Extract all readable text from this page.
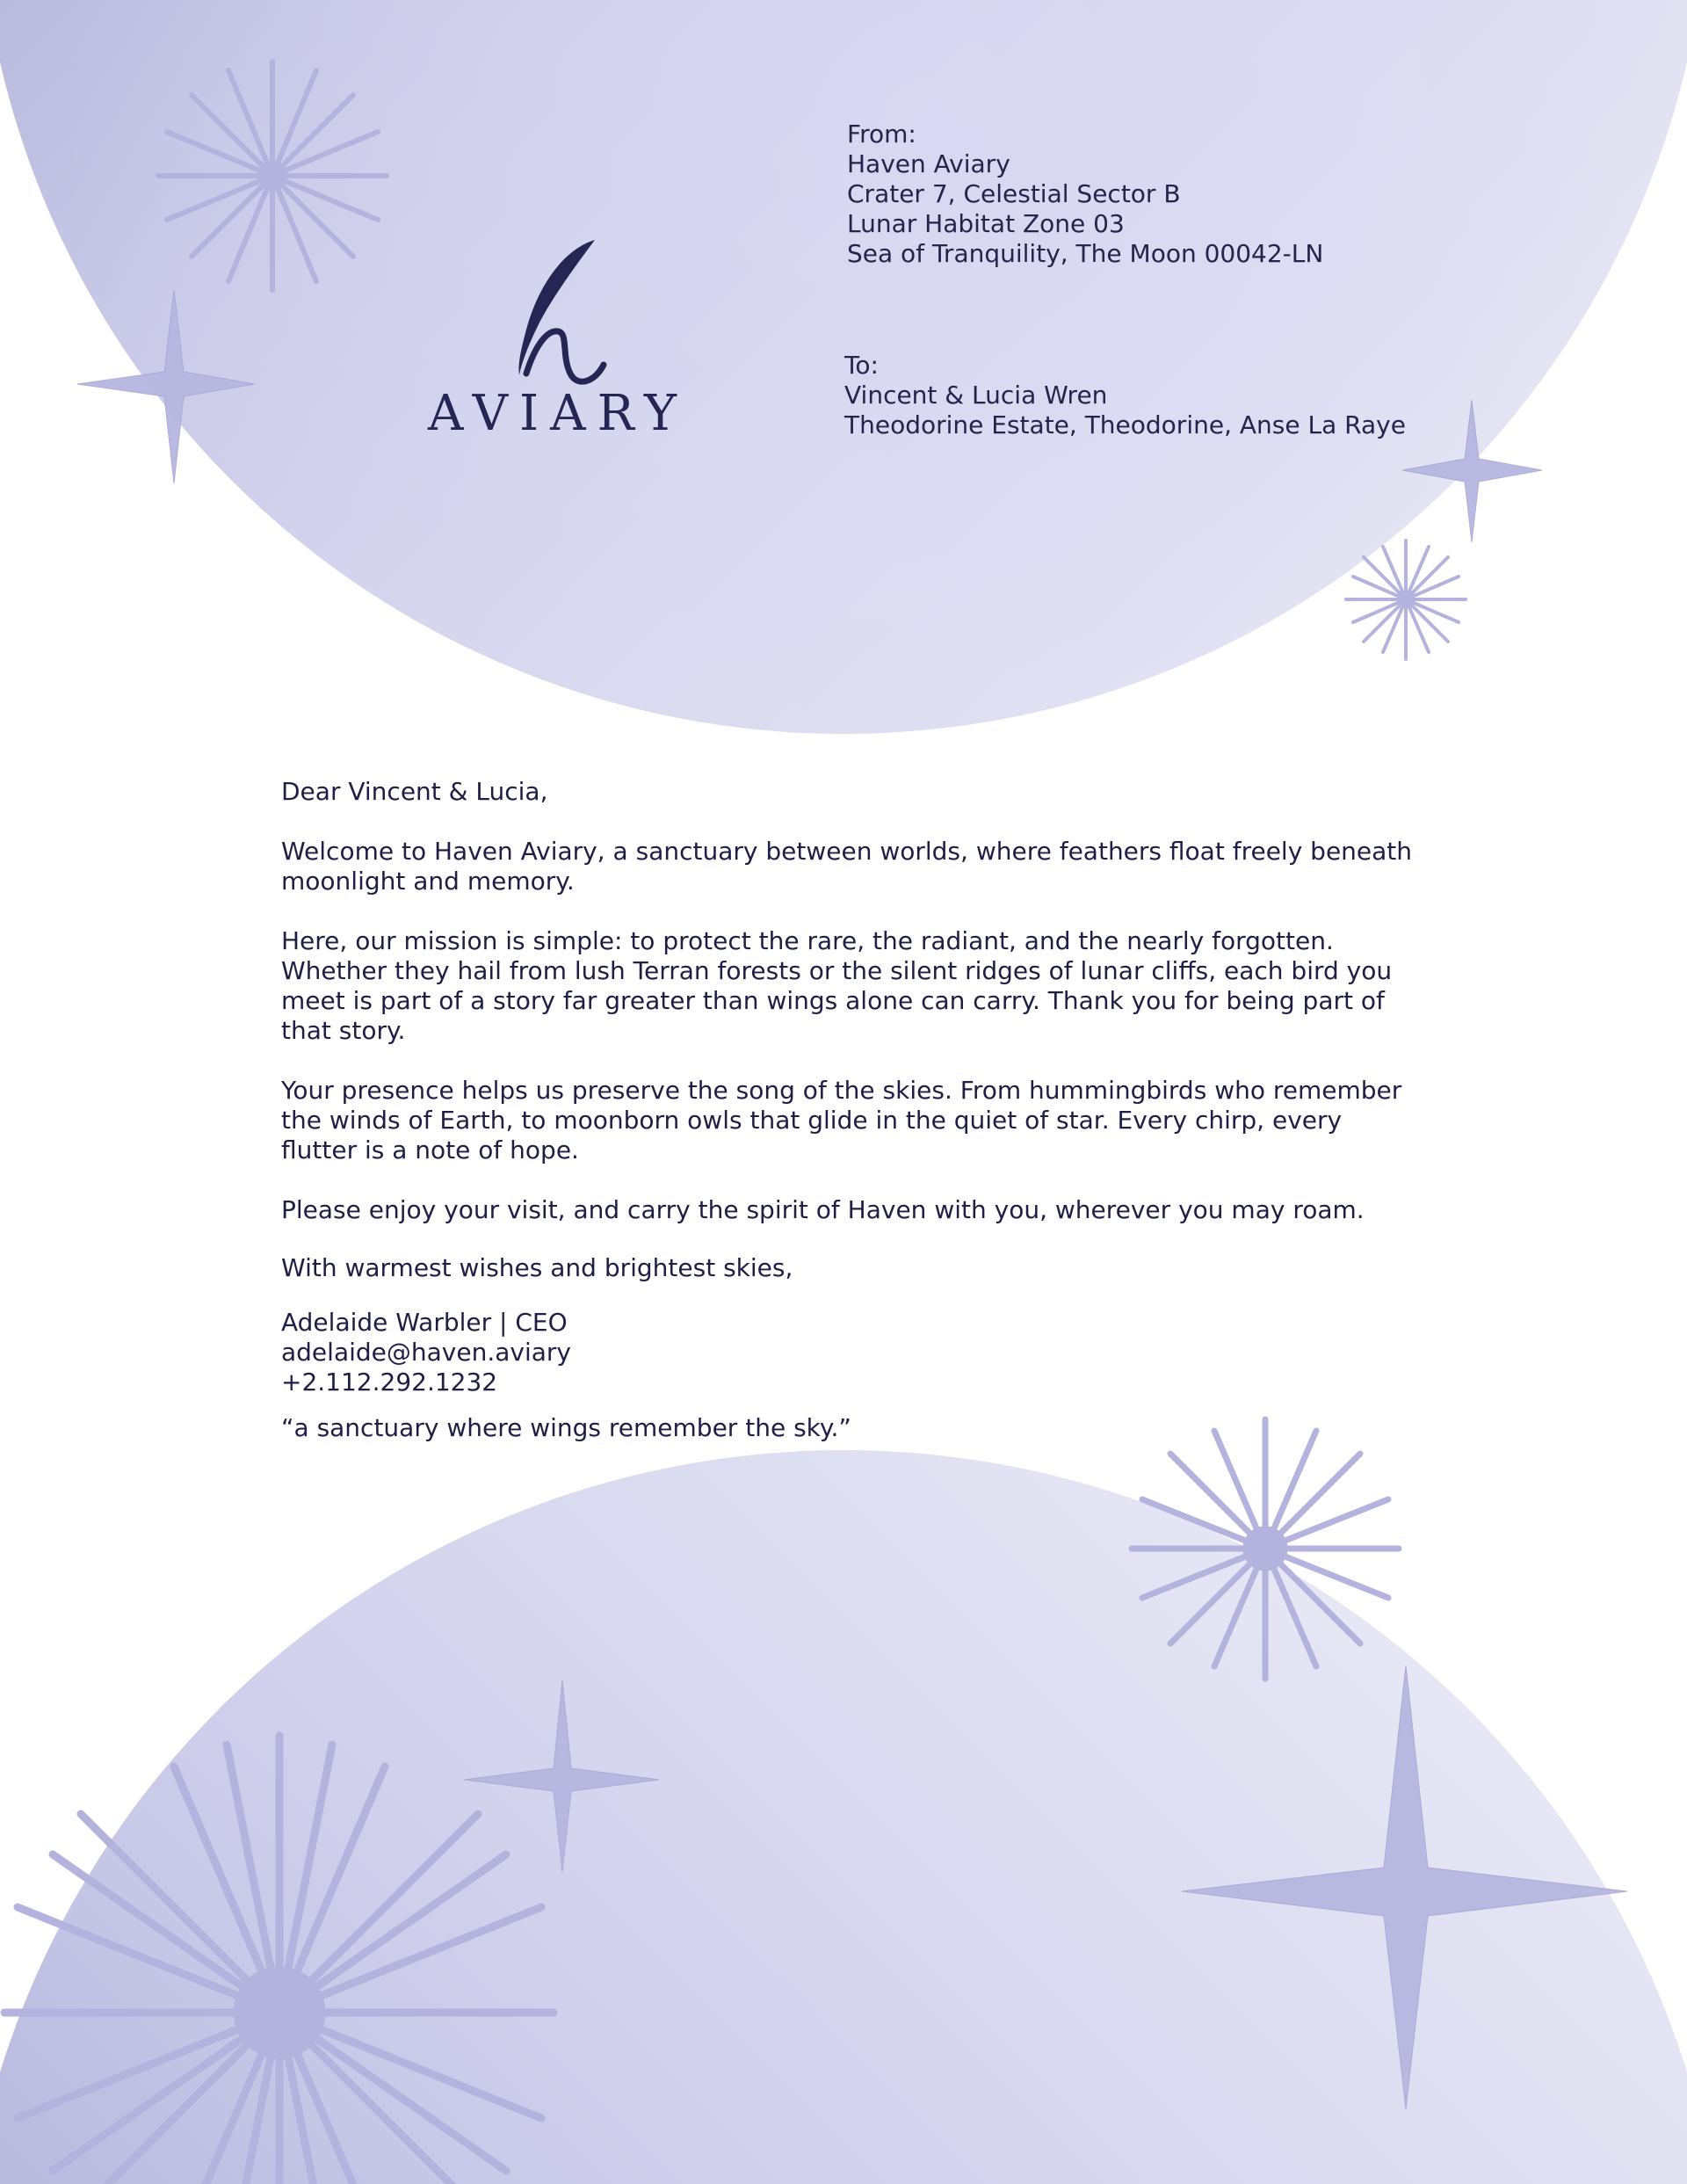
AVIARY
From:
Haven Aviary
Crater 7, Celestial Sector B
Lunar Habitat Zone 03
Sea of Tranquility, The Moon 00042-LN
To:
Vincent & Lucia Wren
Theodorine Estate, Theodorine, Anse La Raye

Dear Vincent & Lucia,

Welcome to Haven Aviary, a sanctuary between worlds, where feathers float freely beneath moonlight and memory.

Here, our mission is simple: to protect the rare, the radiant, and the nearly forgotten. Whether they hail from lush Terran forests or the silent ridges of lunar cliffs, each bird you meet is part of a story far greater than wings alone can carry. Thank you for being part of that story.

Your presence helps us preserve the song of the skies. From hummingbirds who remember the winds of Earth, to moonborn owls that glide in the quiet of star. Every chirp, every flutter is a note of hope.

Please enjoy your visit, and carry the spirit of Haven with you, wherever you may roam.

With warmest wishes and brightest skies,

Adelaide Warbler | CEO
adelaide@haven.aviary
+2.112.292.1232

“a sanctuary where wings remember the sky.”
